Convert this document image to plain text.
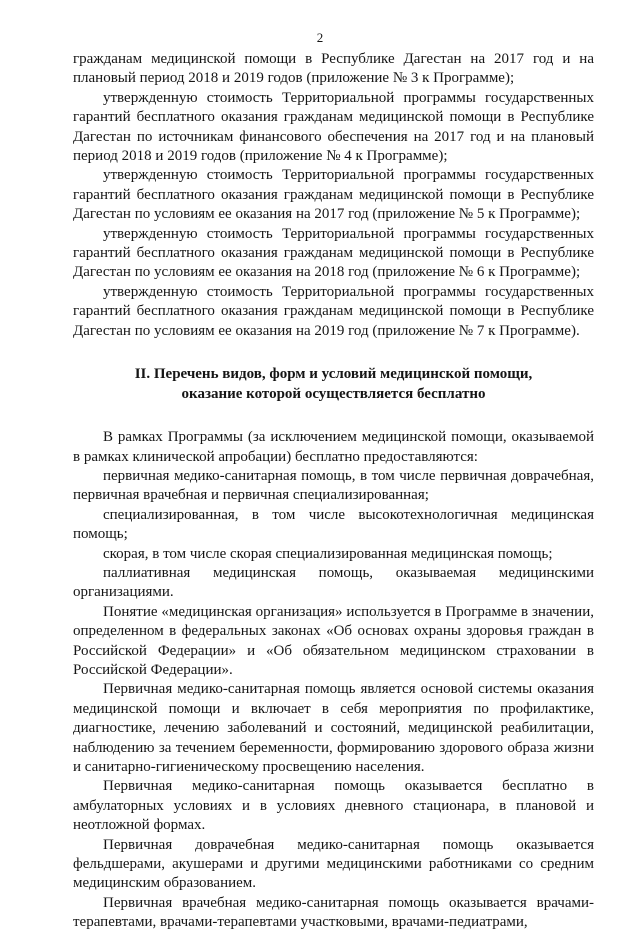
2

гражданам медицинской помощи в Республике Дагестан на 2017 год и на плановый период 2018 и 2019 годов (приложение № 3 к Программе);

утвержденную стоимость Территориальной программы государственных гарантий бесплатного оказания гражданам медицинской помощи в Республике Дагестан по источникам финансового обеспечения на 2017 год и на плановый период 2018 и 2019 годов (приложение № 4 к Программе);

утвержденную стоимость Территориальной программы государственных гарантий бесплатного оказания гражданам медицинской помощи в Республике Дагестан по условиям ее оказания на 2017 год (приложение № 5 к Программе);

утвержденную стоимость Территориальной программы государственных гарантий бесплатного оказания гражданам медицинской помощи в Республике Дагестан по условиям ее оказания на 2018 год (приложение № 6 к Программе);

утвержденную стоимость Территориальной программы государственных гарантий бесплатного оказания гражданам медицинской помощи в Республике Дагестан по условиям ее оказания на 2019 год (приложение № 7 к Программе).

II. Перечень видов, форм и условий медицинской помощи,
оказание которой осуществляется бесплатно

В рамках Программы (за исключением медицинской помощи, оказываемой в рамках клинической апробации) бесплатно предоставляются:

первичная медико-санитарная помощь, в том числе первичная доврачебная, первичная врачебная и первичная специализированная;

специализированная, в том числе высокотехнологичная медицинская помощь;

скорая, в том числе скорая специализированная медицинская помощь;

паллиативная медицинская помощь, оказываемая медицинскими организациями.

Понятие «медицинская организация» используется в Программе в значении, определенном в федеральных законах «Об основах охраны здоровья граждан в Российской Федерации» и «Об обязательном медицинском страховании в Российской Федерации».

Первичная медико-санитарная помощь является основой системы оказания медицинской помощи и включает в себя мероприятия по профилактике, диагностике, лечению заболеваний и состояний, медицинской реабилитации, наблюдению за течением беременности, формированию здорового образа жизни и санитарно-гигиеническому просвещению населения.

Первичная медико-санитарная помощь оказывается бесплатно в амбулаторных условиях и в условиях дневного стационара, в плановой и неотложной формах.

Первичная доврачебная медико-санитарная помощь оказывается фельдшерами, акушерами и другими медицинскими работниками со средним медицинским образованием.

Первичная врачебная медико-санитарная помощь оказывается врачами-терапевтами, врачами-терапевтами участковыми, врачами-педиатрами,
